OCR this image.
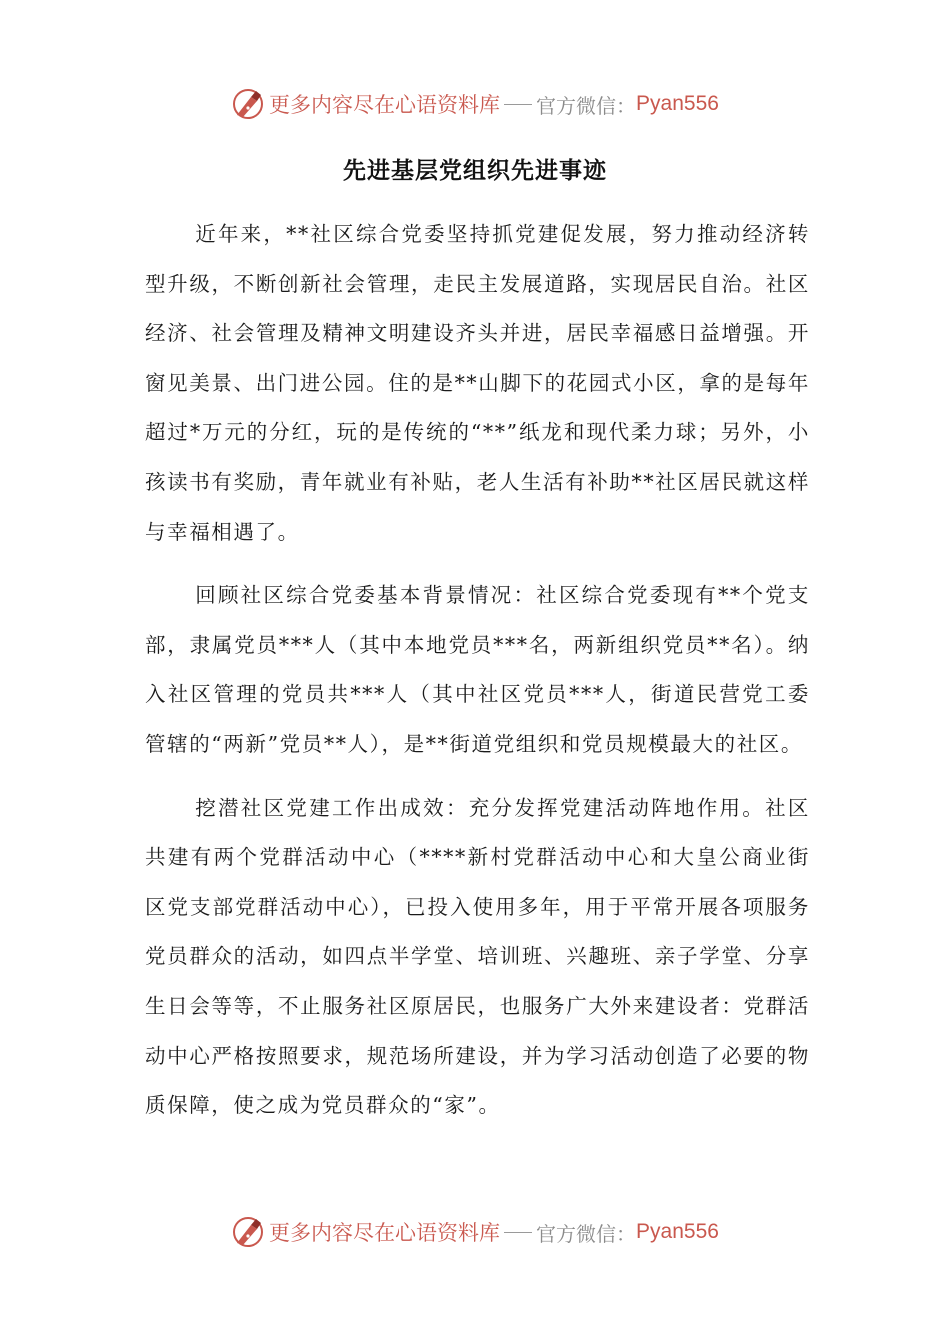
更多内容尽在心语资料库 官方微信： Pyan556
先进基层党组织先进事迹

近年来，**社区综合党委坚持抓党建促发展，努力推动经济转型升级，不断创新社会管理，走民主发展道路，实现居民自治。社区经济、社会管理及精神文明建设齐头并进，居民幸福感日益增强。开窗见美景、出门进公园。住的是**山脚下的花园式小区，拿的是每年超过*万元的分红，玩的是传统的“**”纸龙和现代柔力球；另外，小孩读书有奖励，青年就业有补贴，老人生活有补助**社区居民就这样与幸福相遇了。

回顾社区综合党委基本背景情况：社区综合党委现有**个党支部，隶属党员***人（其中本地党员***名，两新组织党员**名）。纳入社区管理的党员共***人（其中社区党员***人，街道民营党工委管辖的“两新”党员**人），是**街道党组织和党员规模最大的社区。

挖潜社区党建工作出成效：充分发挥党建活动阵地作用。社区共建有两个党群活动中心（****新村党群活动中心和大皇公商业街区党支部党群活动中心），已投入使用多年，用于平常开展各项服务党员群众的活动，如四点半学堂、培训班、兴趣班、亲子学堂、分享生日会等等，不止服务社区原居民，也服务广大外来建设者：党群活动中心严格按照要求，规范场所建设，并为学习活动创造了必要的物质保障，使之成为党员群众的“家”。

更多内容尽在心语资料库 官方微信： Pyan556
